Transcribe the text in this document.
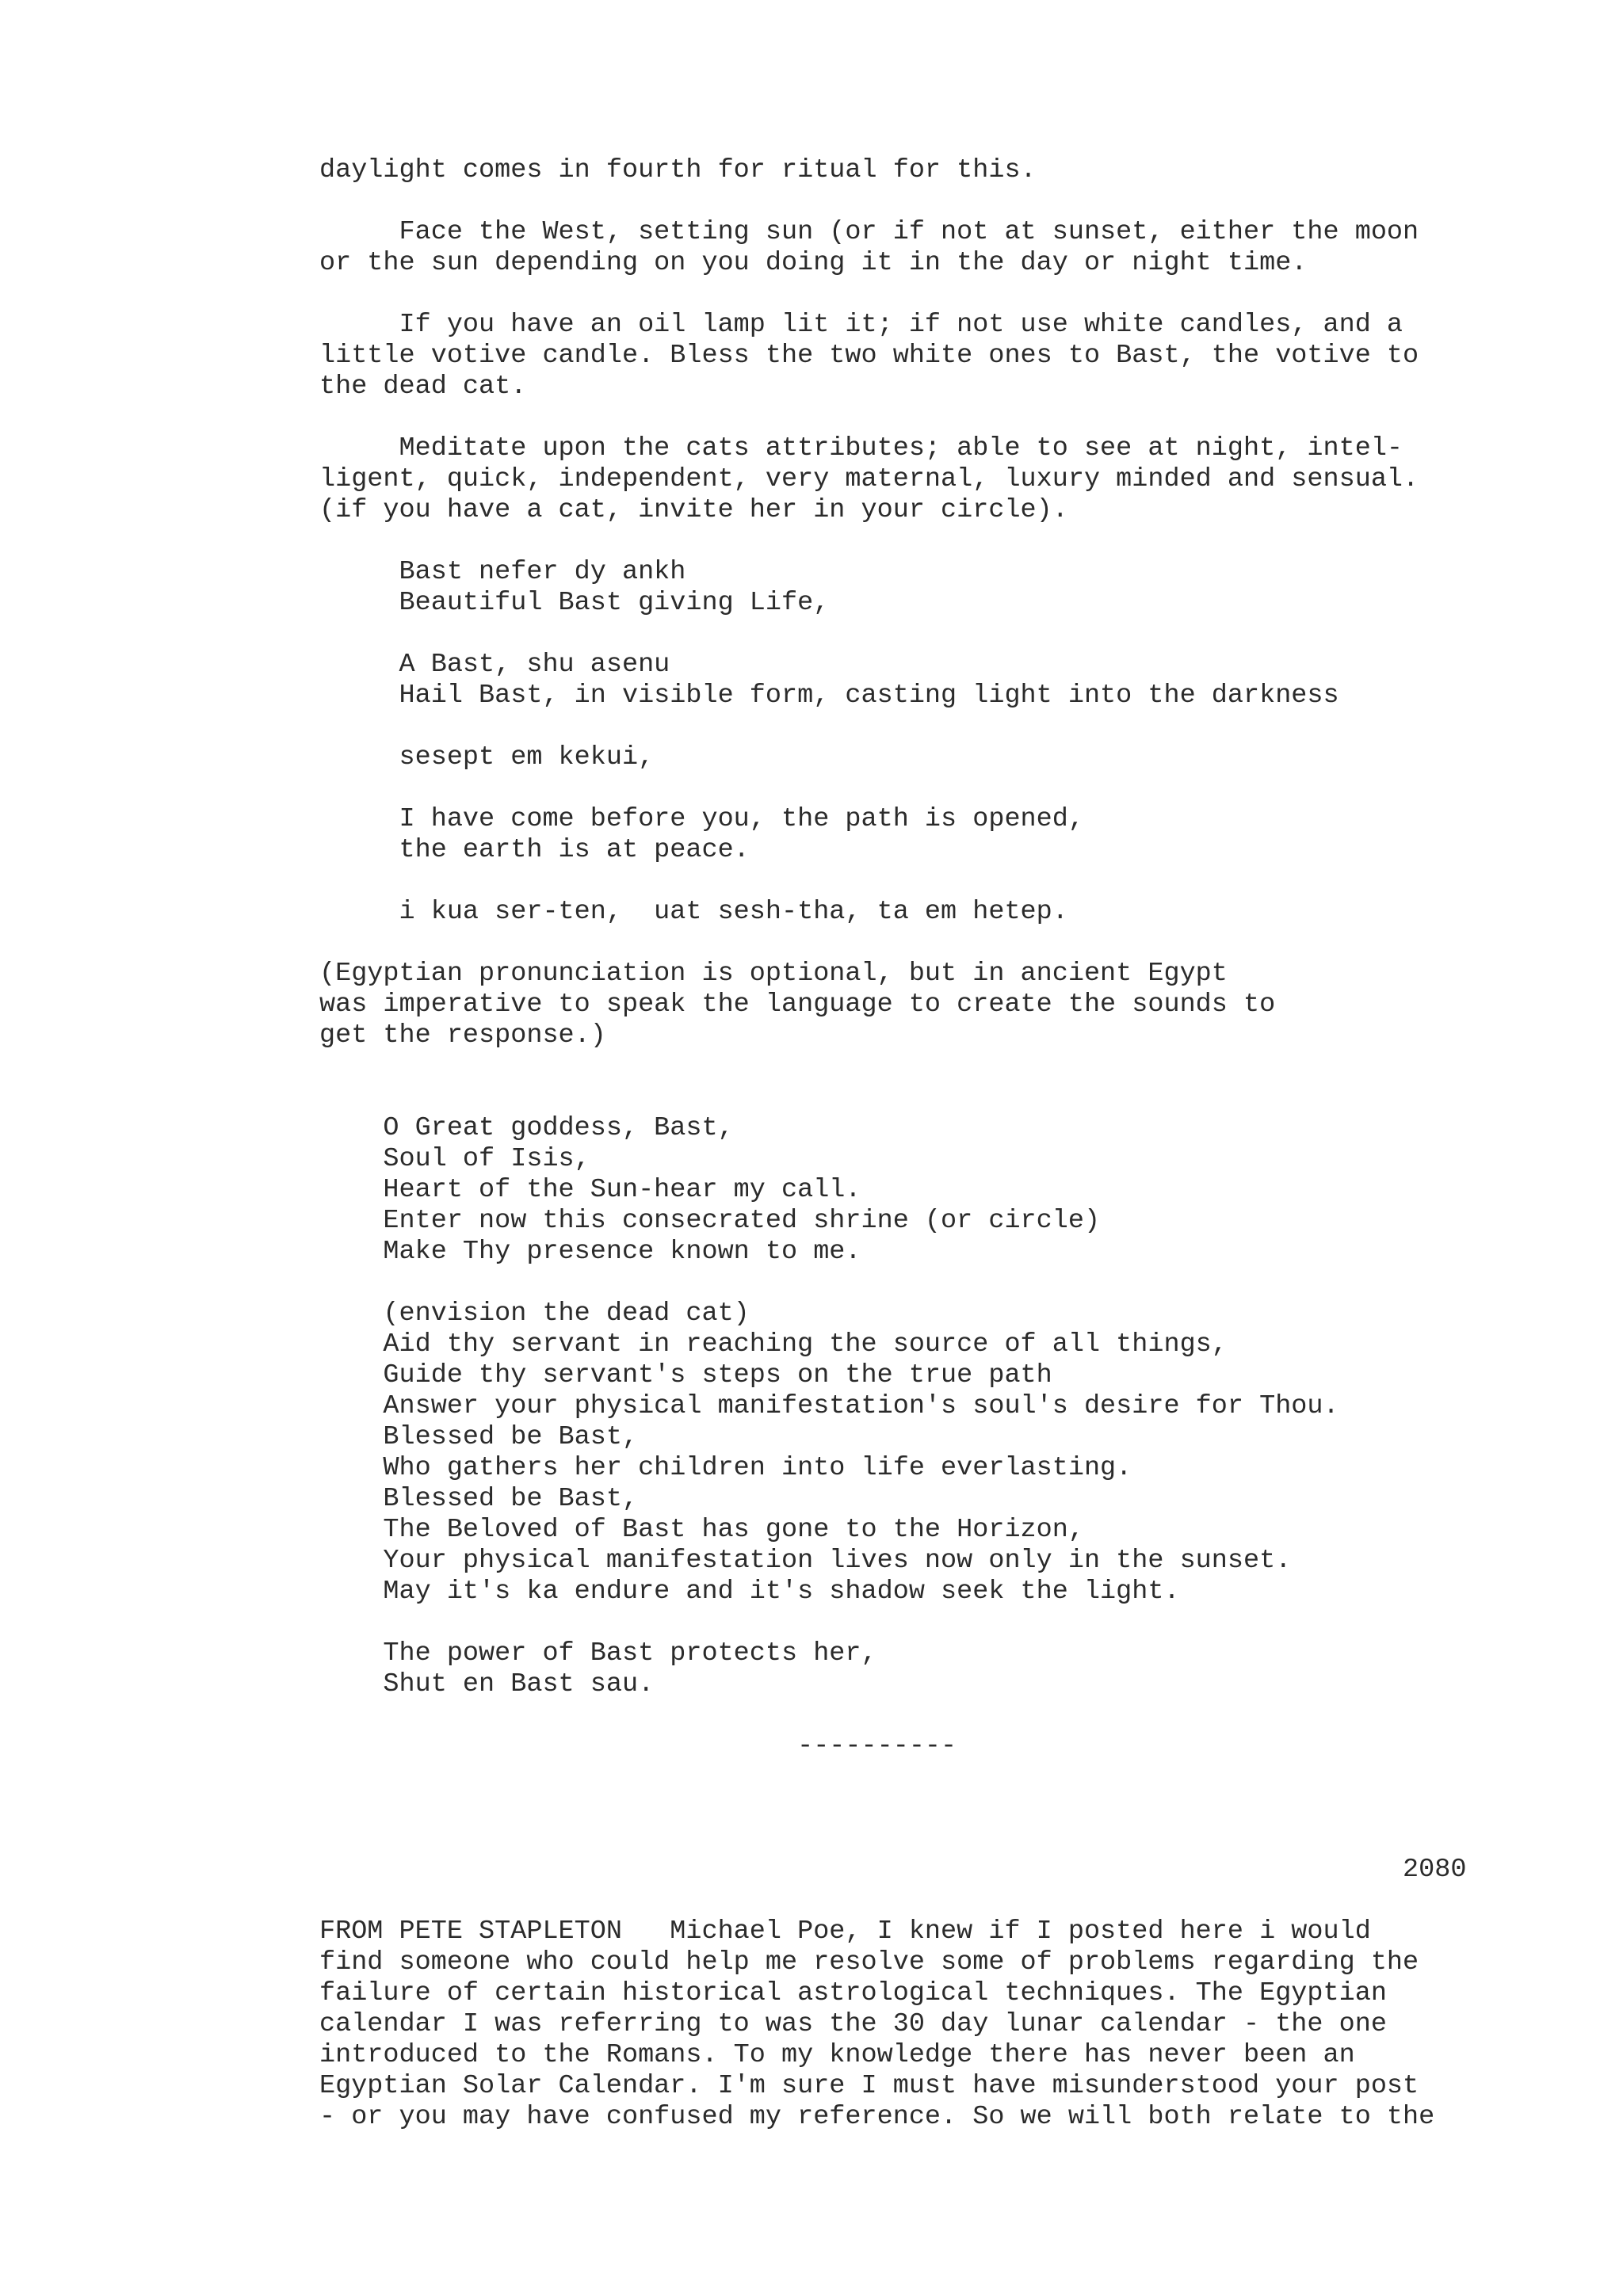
daylight comes in fourth for ritual for this.

Face the West, setting sun (or if not at sunset, either the moon

or the sun depending on you doing it in the day or night time.

If you have an oil lamp lit it; if not use white candles, and a

little votive candle. Bless the two white ones to Bast, the votive to

the dead cat.

Meditate upon the cats attributes; able to see at night, intel-

ligent, quick, independent, very maternal, luxury minded and sensual.

(if you have a cat, invite her in your circle).

Bast nefer dy ankh

Beautiful Bast giving Life,

A Bast, shu asenu

Hail Bast, in visible form, casting light into the darkness

sesept em kekui,

I have come before you, the path is opened,

the earth is at peace.

i kua ser-ten,  uat sesh-tha, ta em hetep.

(Egyptian pronunciation is optional, but in ancient Egypt

was imperative to speak the language to create the sounds to

get the response.)

O Great goddess, Bast,

Soul of Isis,

Heart of the Sun-hear my call.

Enter now this consecrated shrine (or circle)

Make Thy presence known to me.

(envision the dead cat)

Aid thy servant in reaching the source of all things,

Guide thy servant's steps on the true path

Answer your physical manifestation's soul's desire for Thou.

Blessed be Bast,

Who gathers her children into life everlasting.

Blessed be Bast,

The Beloved of Bast has gone to the Horizon,

Your physical manifestation lives now only in the sunset.

May it's ka endure and it's shadow seek the light.

The power of Bast protects her,

Shut en Bast sau.

----------

2080

FROM PETE STAPLETON   Michael Poe, I knew if I posted here i would

find someone who could help me resolve some of problems regarding the

failure of certain historical astrological techniques. The Egyptian

calendar I was referring to was the 30 day lunar calendar - the one

introduced to the Romans. To my knowledge there has never been an

Egyptian Solar Calendar. I'm sure I must have misunderstood your post

- or you may have confused my reference. So we will both relate to the
